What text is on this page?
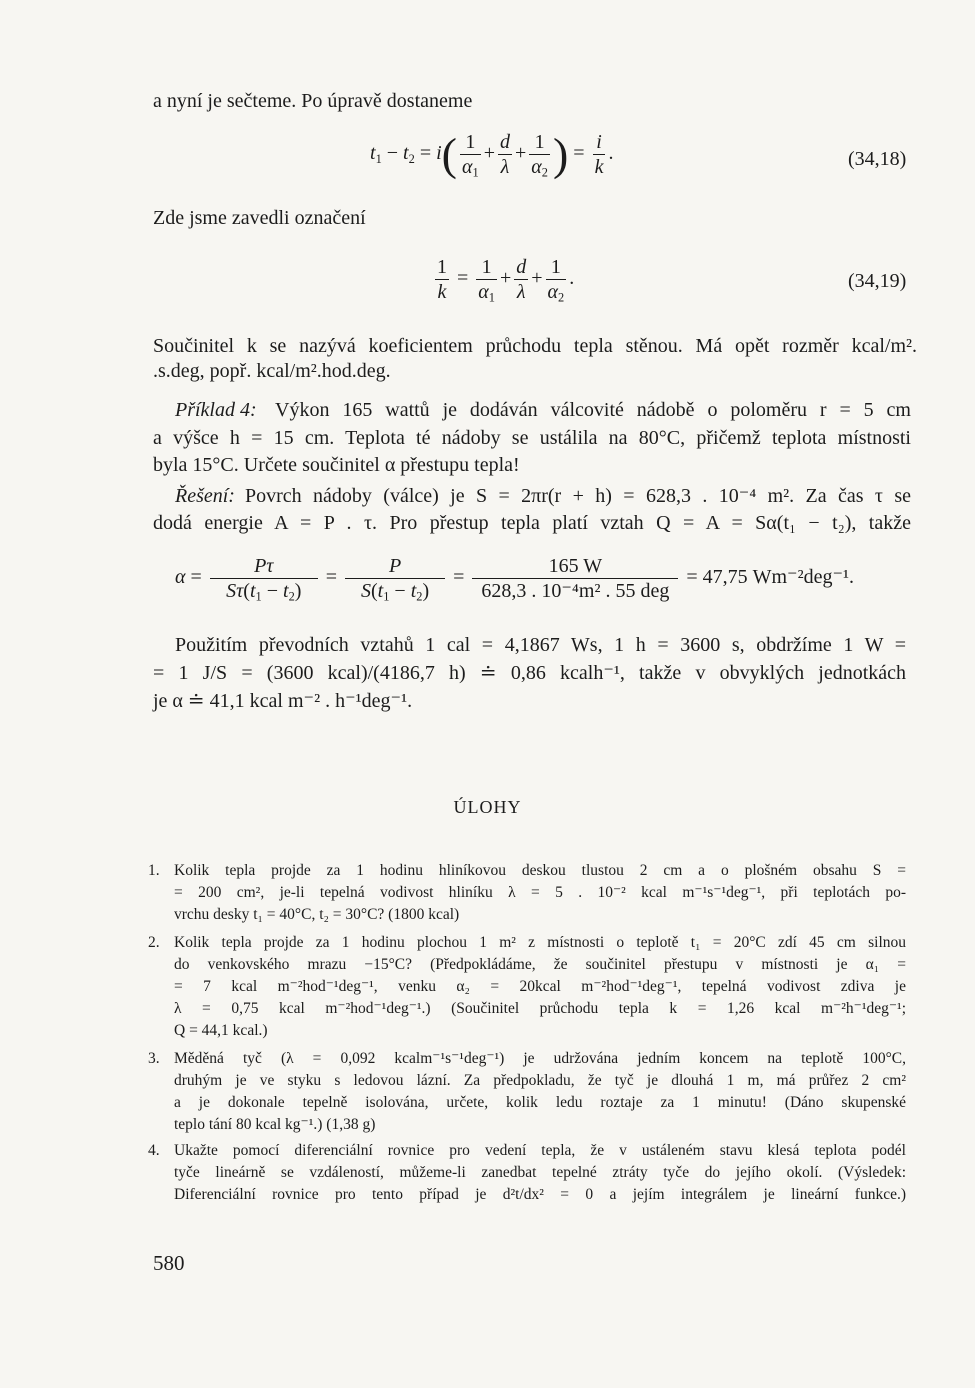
a nyní je sečteme. Po úpravě dostaneme
$t_1 - t_2 = i( \frac{1}{\alpha_1} + \frac{d}{\lambda} + \frac{1}{\alpha_2}$ ) = $\frac{i}{k}$ .	(34,18)
Zde jsme zavedli označení
$\frac{1}{k} = \frac{1}{\alpha_1} + \frac{d}{\lambda} + \frac{1}{\alpha_2}$ .	(34,19)
Součinitel k se nazývá koeficientem průchodu tepla stěnou. Má opět rozměr kcal/m².
.s.deg, popř. kcal/m².hod.deg.
Příklad 4: Výkon 165 wattů je dodáván válcovité nádobě o poloměru r = 5 cm
a výšce h = 15 cm. Teplota té nádoby se ustálila na 80°C, přičemž teplota místnosti
byla 15°C. Určete součinitel α přestupu tepla!
Řešení: Povrch nádoby (válce) je S = 2πr(r + h) = 628,3 . 10⁻⁴ m². Za čas τ se
dodá energie A = P . τ. Pro přestup tepla platí vztah Q = A = Sα(t₁ − t₂), takže
$\alpha = \frac{P\tau}{S\tau(t_1 - t_2)} = \frac{P}{S(t_1 - t_2)} = \frac{165 W}{\text{628,3 . 10⁻⁴m² . 55 deg}} = 47,75$ Wm⁻²deg⁻¹.
Použitím převodních vztahů 1 cal = 4,1867 Ws, 1 h = 3600 s, obdržíme 1 W =
= 1 J/S = (3600 kcal)/(4186,7 h) ≐ 0,86 kcalh⁻¹, takže v obvyklých jednotkách
je α ≐ 41,1 kcal m⁻² . h⁻¹deg⁻¹.
ÚLOHY
1. Kolik tepla projde za 1 hodinu hliníkovou deskou tlustou 2 cm a o plošném obsahu S =
= 200 cm², je-li tepelná vodivost hliníku λ = 5 . 10⁻² kcal m⁻¹s⁻¹deg⁻¹, při teplotách po-
vrchu desky t₁ = 40°C, t₂ = 30°C? (1800 kcal)
2. Kolik tepla projde za 1 hodinu plochou 1 m² z místnosti o teplotě t₁ = 20°C zdí 45 cm silnou
do venkovského mrazu −15°C? (Předpokládáme, že součinitel přestupu v místnosti je α₁ =
= 7 kcal m⁻²hod⁻¹deg⁻¹, venku α₂ = 20kcal m⁻²hod⁻¹deg⁻¹, tepelná vodivost zdiva je
λ = 0,75 kcal m⁻²hod⁻¹deg⁻¹.) (Součinitel průchodu tepla k = 1,26 kcal m⁻²h⁻¹deg⁻¹;
Q = 44,1 kcal.)
3. Měděná tyč (λ = 0,092 kcalm⁻¹s⁻¹deg⁻¹) je udržována jedním koncem na teplotě 100°C,
druhým je ve styku s ledovou lázní. Za předpokladu, že tyč je dlouhá 1 m, má průřez 2 cm²
a je dokonale tepelně isolována, určete, kolik ledu roztaje za 1 minutu! (Dáno skupenské
teplo tání 80 kcal kg⁻¹.) (1,38 g)
4. Ukažte pomocí diferenciální rovnice pro vedení tepla, že v ustáleném stavu klesá teplota podél
tyče lineárně se vzdáleností, můžeme-li zanedbat tepelné ztráty tyče do jejího okolí. (Výsledek:
Diferenciální rovnice pro tento případ je d²t/dx² = 0 a jejím integrálem je lineární funkce.)
580
